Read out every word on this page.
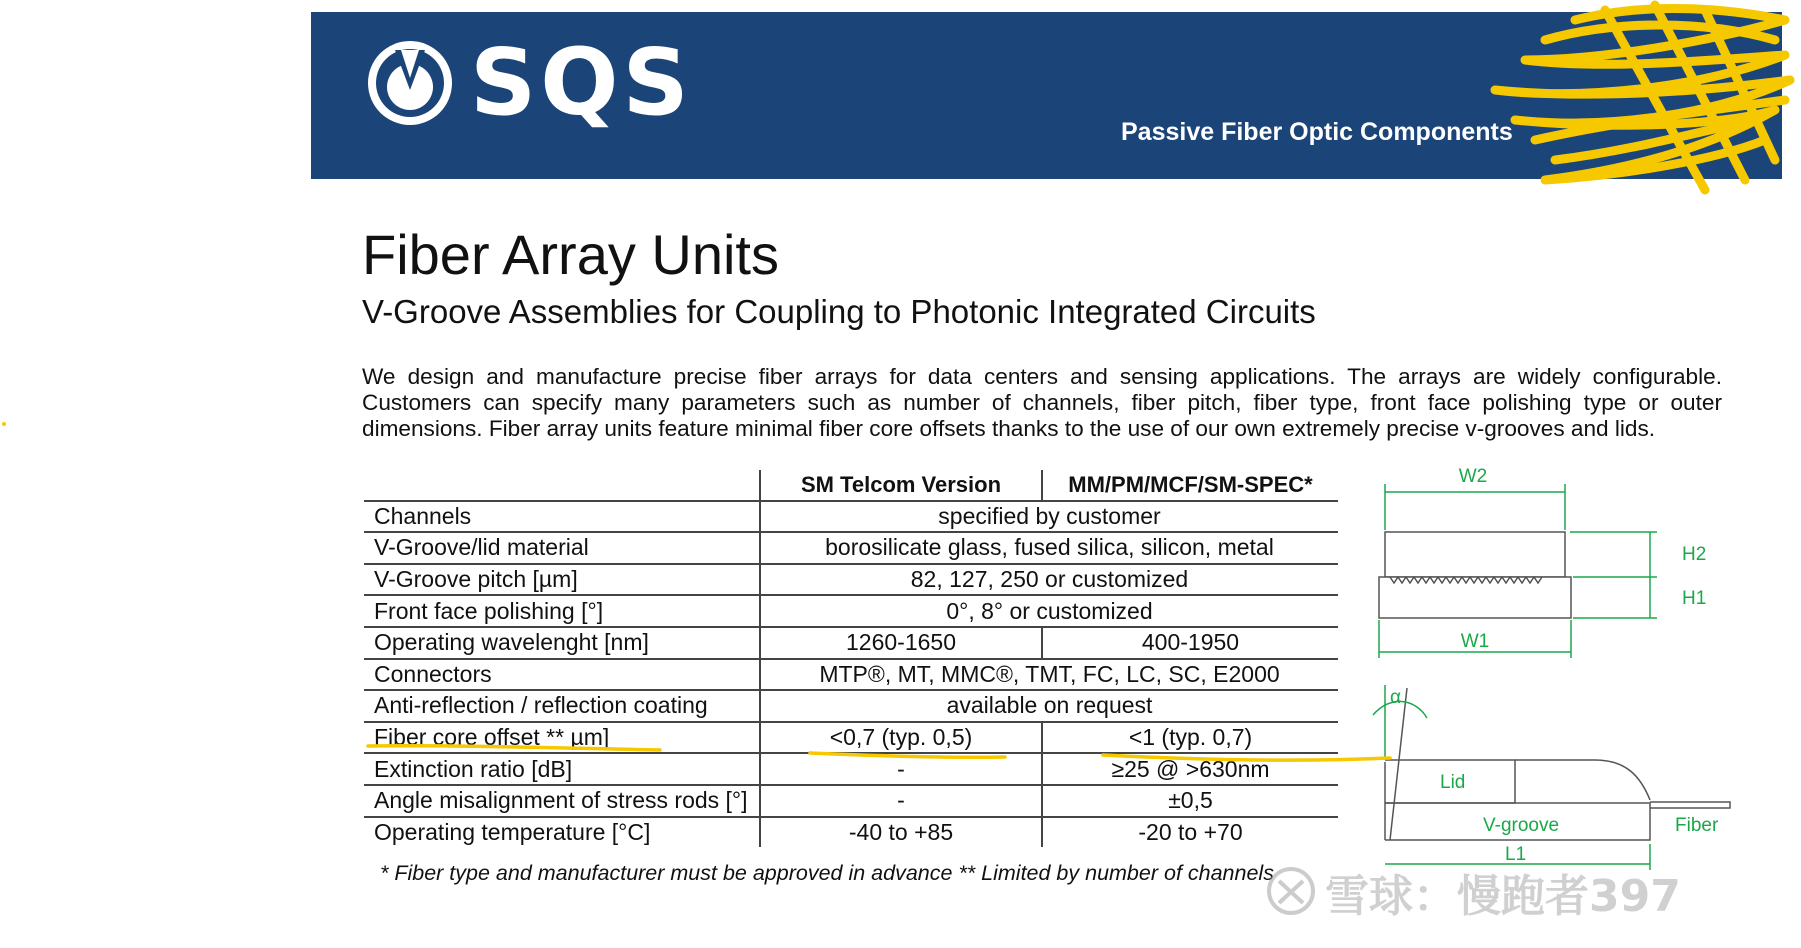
SQS	Passive Fiber Optic Components
Fiber Array Units
V-Groove Assemblies for Coupling to Photonic Integrated Circuits
We design and manufacture precise fiber arrays for data centers and sensing applications. The arrays are widely configurable. Customers can specify many parameters such as number of channels, fiber pitch, fiber type, front face polishing type or outer dimensions. Fiber array units feature minimal fiber core offsets thanks to the use of our own extremely precise v-grooves and lids.
	SM Telcom Version	MM/PM/MCF/SM-SPEC*
Channels	specified by customer	
V-Groove/lid material	borosilicate glass, fused silica, silicon, metal	
V-Groove pitch [µm]	82, 127, 250 or customized	
Front face polishing [°]	0°, 8° or customized	
Operating wavelenght [nm]	1260-1650	400-1950
Connectors	MTP®, MT, MMC®, TMT, FC, LC, SC, E2000	
Anti-reflection / reflection coating	available on request	
Fiber core offset ** µm]	<0,7 (typ. 0,5)	<1 (typ. 0,7)
Extinction ratio [dB]	-	≥25 @ >630nm
Angle misalignment of stress rods [°]	-	±0,5
Operating temperature [°C]	-40 to +85	-20 to +70
* Fiber type and manufacturer must be approved in advance ** Limited by number of channels
W2
H2
H1
W1
α
Lid
V-groove	Fiber
L1
雪球：慢跑者397
